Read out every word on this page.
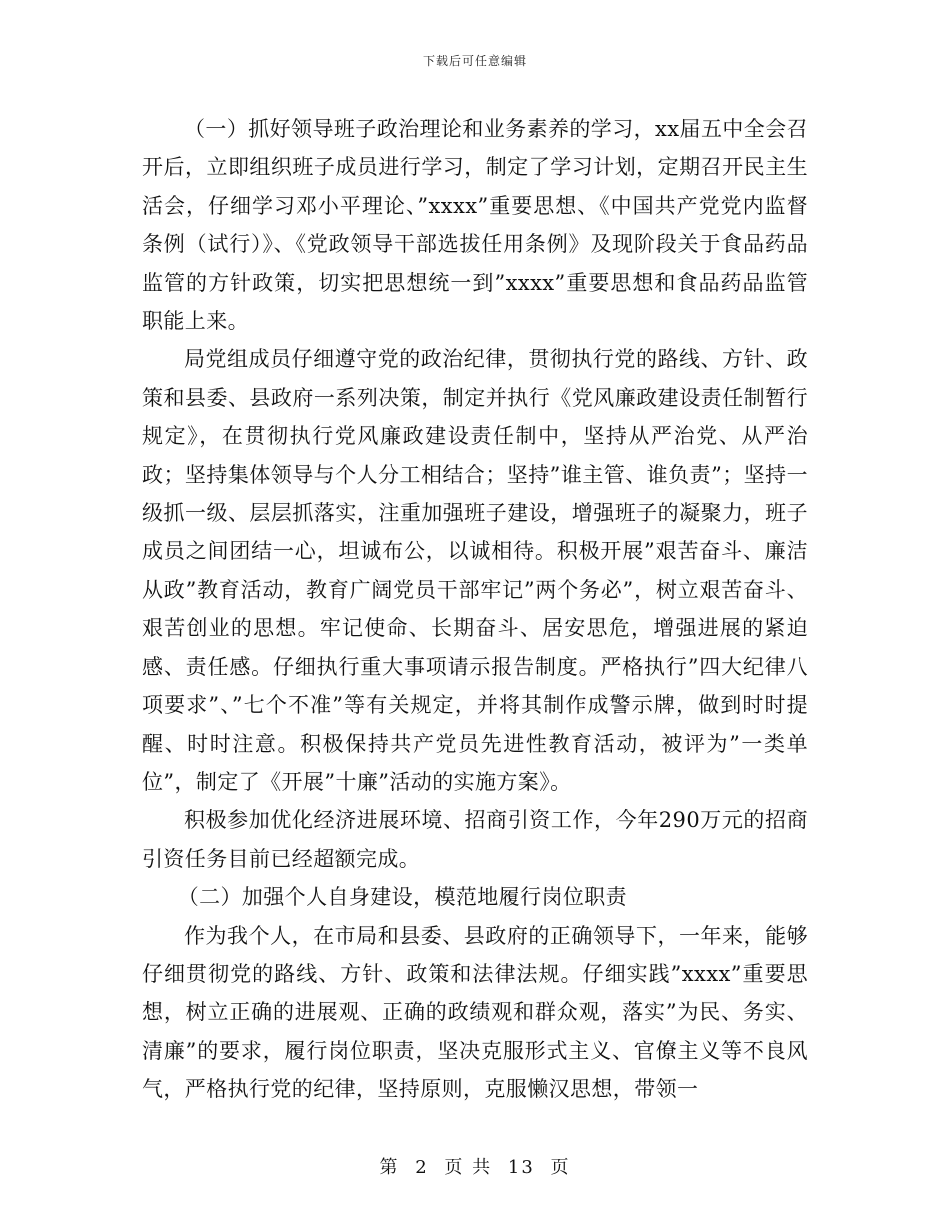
下载后可任意编辑

（一）抓好领导班子政治理论和业务素养的学习，xx届五中全会召开后，立即组织班子成员进行学习，制定了学习计划，定期召开民主生活会，仔细学习邓小平理论、”xxxx”重要思想、《中国共产党党内监督条例（试行）》、《党政领导干部选拔任用条例》及现阶段关于食品药品监管的方针政策，切实把思想统一到”xxxx”重要思想和食品药品监管职能上来。

局党组成员仔细遵守党的政治纪律，贯彻执行党的路线、方针、政策和县委、县政府一系列决策，制定并执行《党风廉政建设责任制暂行规定》，在贯彻执行党风廉政建设责任制中，坚持从严治党、从严治政；坚持集体领导与个人分工相结合；坚持”谁主管、谁负责”；坚持一级抓一级、层层抓落实，注重加强班子建设，增强班子的凝聚力，班子成员之间团结一心，坦诚布公，以诚相待。积极开展”艰苦奋斗、廉洁从政”教育活动，教育广阔党员干部牢记”两个务必”，树立艰苦奋斗、艰苦创业的思想。牢记使命、长期奋斗、居安思危，增强进展的紧迫感、责任感。仔细执行重大事项请示报告制度。严格执行”四大纪律八项要求”、”七个不准”等有关规定，并将其制作成警示牌，做到时时提醒、时时注意。积极保持共产党员先进性教育活动，被评为”一类单位”，制定了《开展”十廉”活动的实施方案》。

积极参加优化经济进展环境、招商引资工作，今年290万元的招商引资任务目前已经超额完成。

（二）加强个人自身建设，模范地履行岗位职责

作为我个人，在市局和县委、县政府的正确领导下，一年来，能够仔细贯彻党的路线、方针、政策和法律法规。仔细实践”xxxx”重要思想，树立正确的进展观、正确的政绩观和群众观，落实”为民、务实、清廉”的要求，履行岗位职责，坚决克服形式主义、官僚主义等不良风气，严格执行党的纪律，坚持原则，克服懒汉思想，带领一

第 2 页 共 13 页
